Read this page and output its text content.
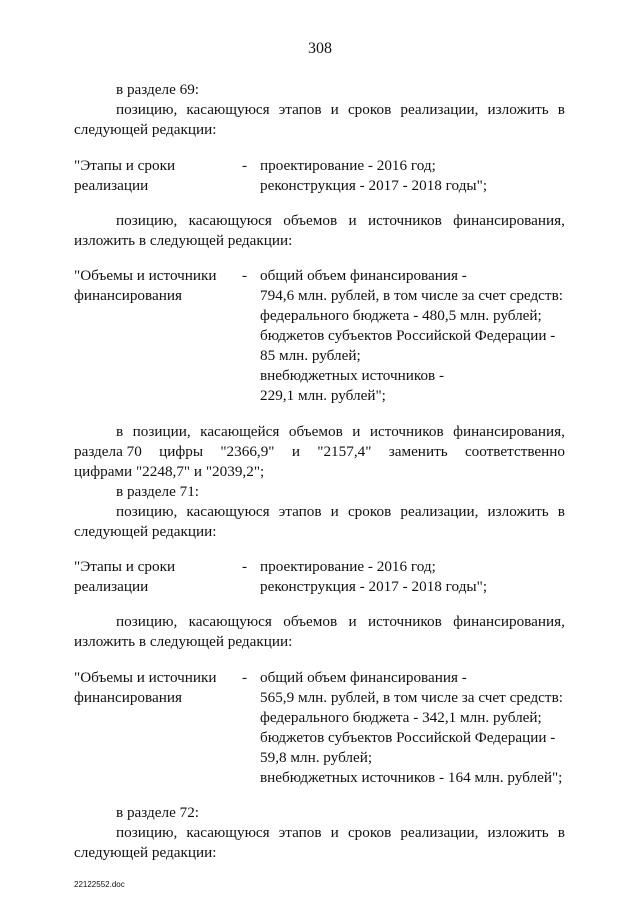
308
в разделе 69:
позицию, касающуюся этапов и сроков реализации, изложить в
следующей редакции:
"Этапы и сроки
реализации
- проектирование - 2016 год;
реконструкция - 2017 - 2018 годы";
позицию, касающуюся объемов и источников финансирования,
изложить в следующей редакции:
"Объемы и источники
финансирования
- общий объем финансирования -
794,6 млн. рублей, в том числе за счет средств:
федерального бюджета - 480,5 млн. рублей;
бюджетов субъектов Российской Федерации -
85 млн. рублей;
внебюджетных источников -
229,1 млн. рублей";
в позиции, касающейся объемов и источников финансирования,
раздела 70 цифры "2366,9" и "2157,4" заменить соответственно
цифрами "2248,7" и "2039,2";
в разделе 71:
позицию, касающуюся этапов и сроков реализации, изложить в
следующей редакции:
"Этапы и сроки
реализации
- проектирование - 2016 год;
реконструкция - 2017 - 2018 годы";
позицию, касающуюся объемов и источников финансирования,
изложить в следующей редакции:
"Объемы и источники
финансирования
- общий объем финансирования -
565,9 млн. рублей, в том числе за счет средств:
федерального бюджета - 342,1 млн. рублей;
бюджетов субъектов Российской Федерации -
59,8 млн. рублей;
внебюджетных источников - 164 млн. рублей";
в разделе 72:
позицию, касающуюся этапов и сроков реализации, изложить в
следующей редакции:
22122552.doc
